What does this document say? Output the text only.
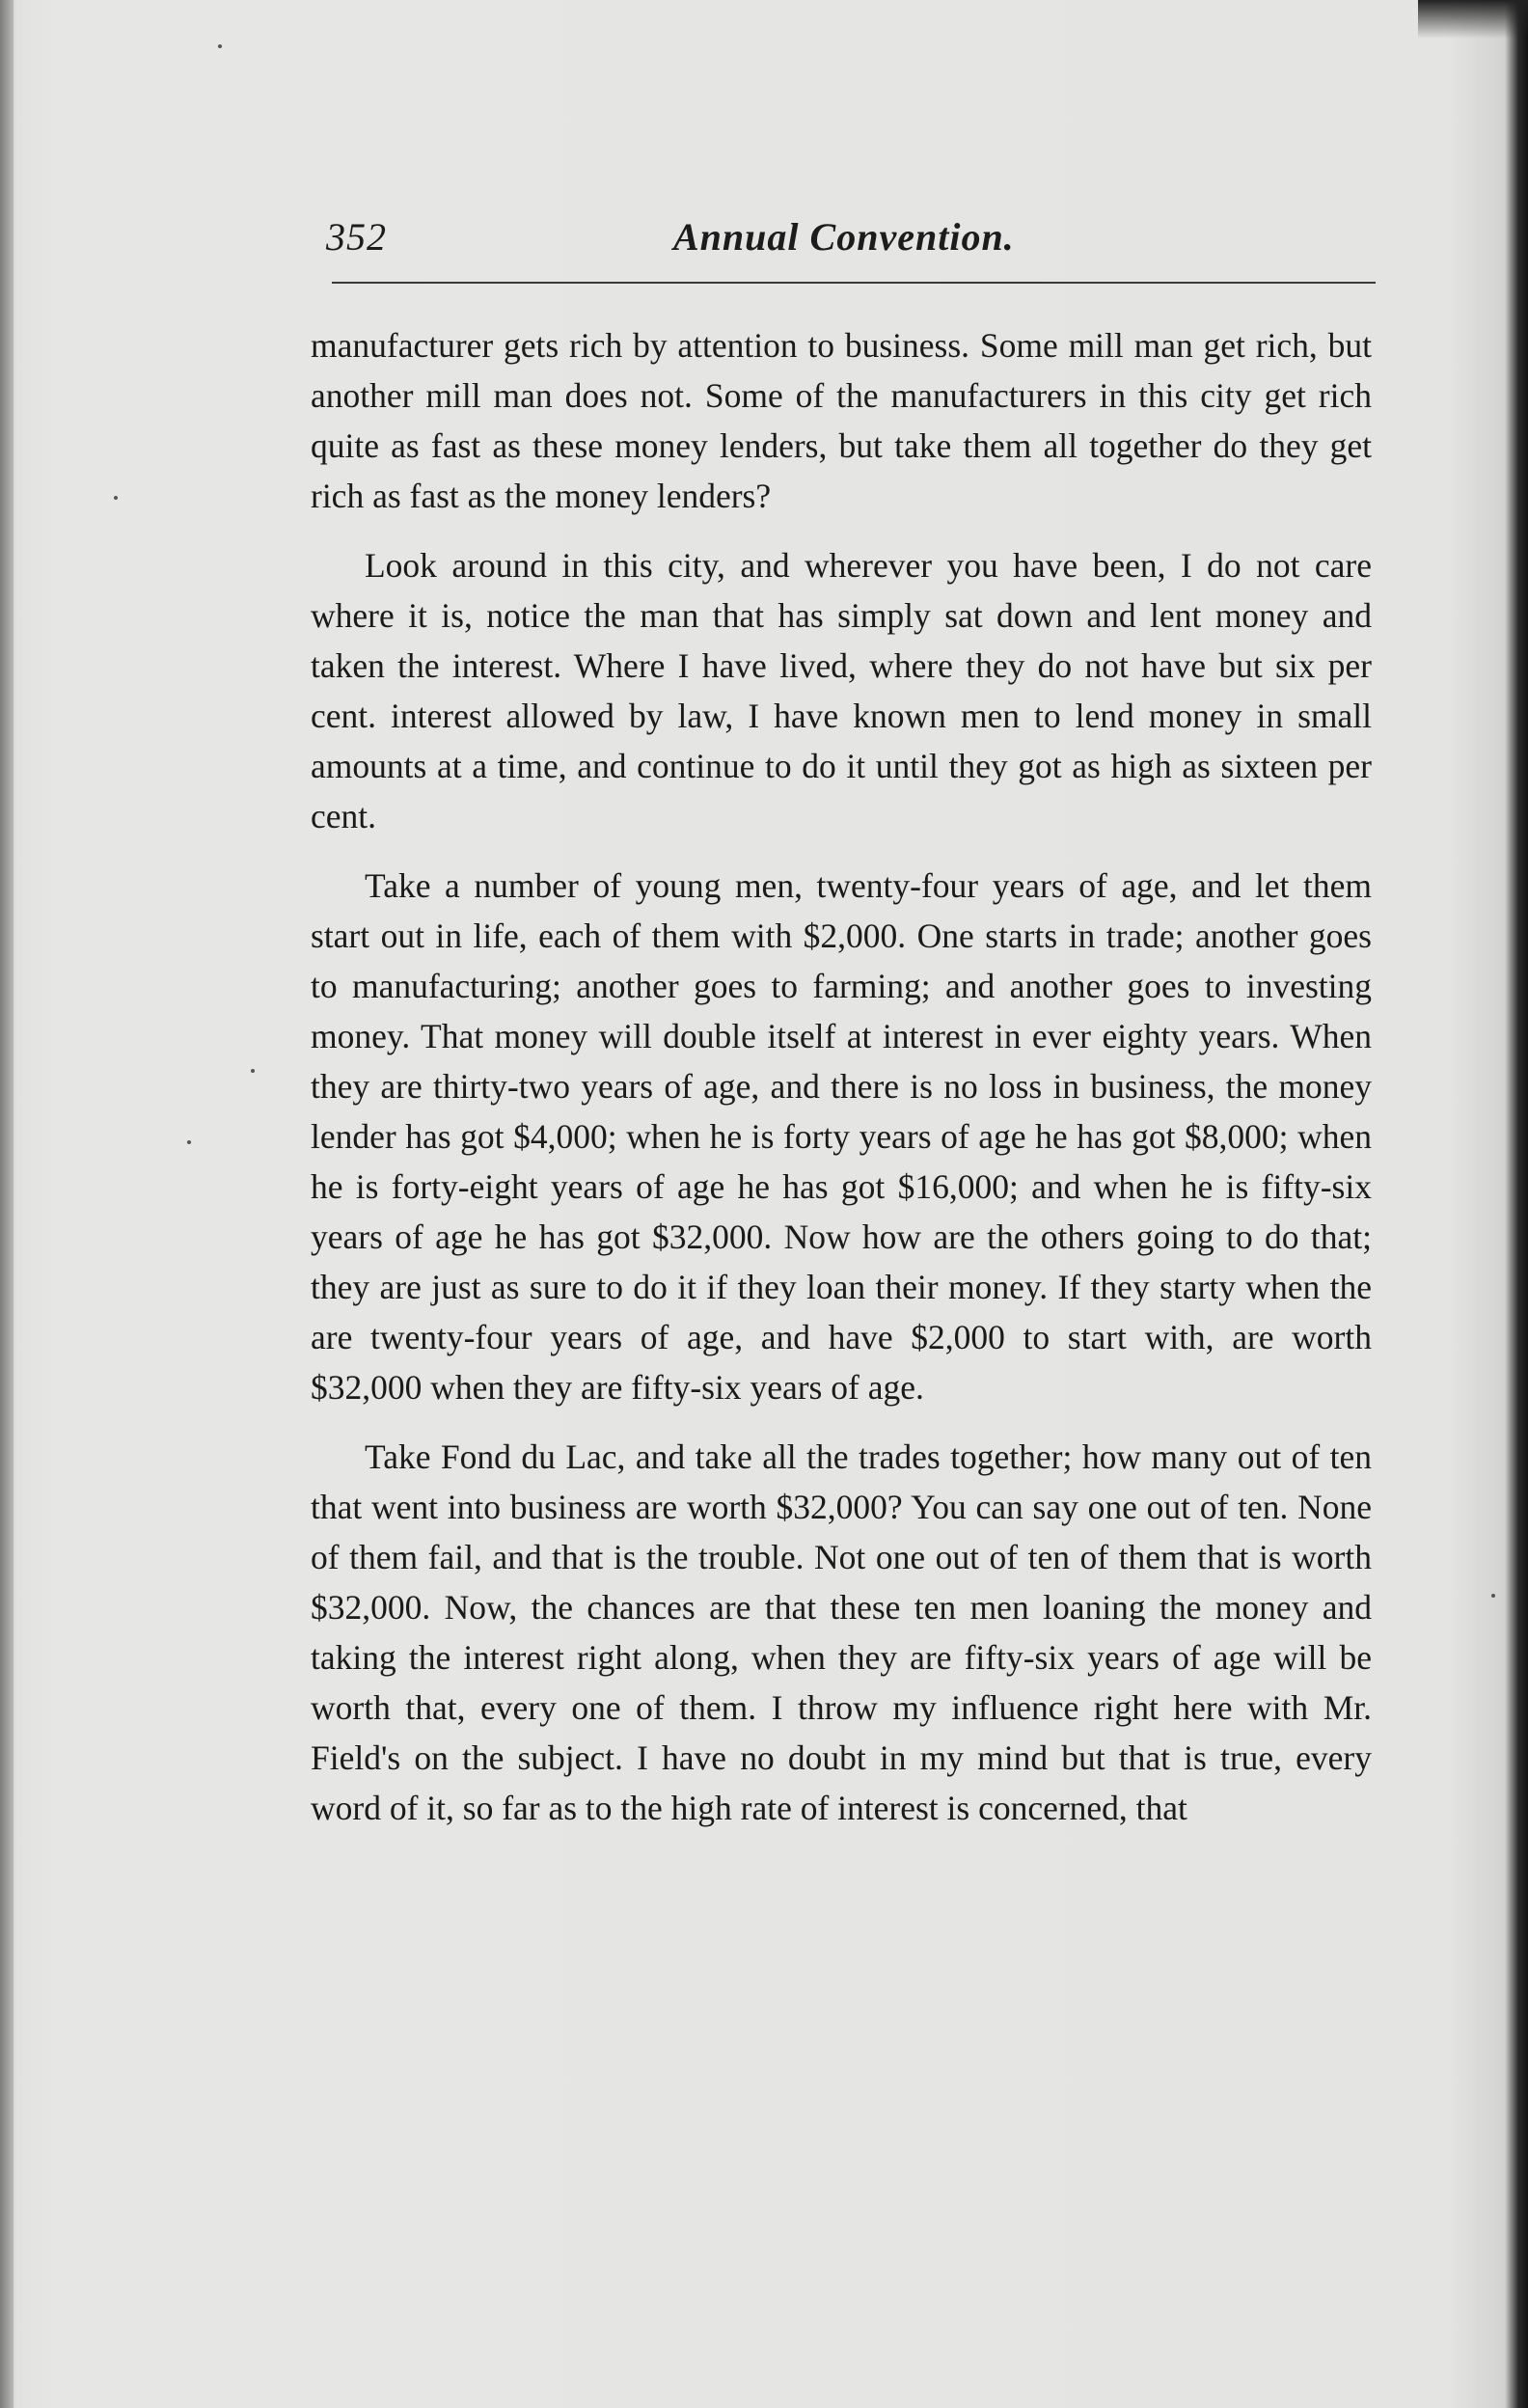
352	Annual Convention.

manufacturer gets rich by attention to business. Some mill man get rich, but another mill man does not. Some of the manufacturers in this city get rich quite as fast as these money lenders, but take them all together do they get rich as fast as the money lenders?

Look around in this city, and wherever you have been, I do not care where it is, notice the man that has simply sat down and lent money and taken the interest. Where I have lived, where they do not have but six per cent. interest allowed by law, I have known men to lend money in small amounts at a time, and continue to do it until they got as high as sixteen per cent.

Take a number of young men, twenty-four years of age, and let them start out in life, each of them with $2,000. One starts in trade; another goes to manufacturing; another goes to farming; and another goes to investing money. That money will double itself at interest in ever eighty years. When they are thirty-two years of age, and there is no loss in business, the money lender has got $4,000; when he is forty years of age he has got $8,000; when he is forty-eight years of age he has got $16,000; and when he is fifty-six years of age he has got $32,000. Now how are the others going to do that; they are just as sure to do it if they loan their money. If they starty when the are twenty-four years of age, and have $2,000 to start with, are worth $32,000 when they are fifty-six years of age.

Take Fond du Lac, and take all the trades together; how many out of ten that went into business are worth $32,000? You can say one out of ten. None of them fail, and that is the trouble. Not one out of ten of them that is worth $32,000. Now, the chances are that these ten men loaning the money and taking the interest right along, when they are fifty-six years of age will be worth that, every one of them. I throw my influence right here with Mr. Field's on the subject. I have no doubt in my mind but that is true, every word of it, so far as to the high rate of interest is concerned, that
